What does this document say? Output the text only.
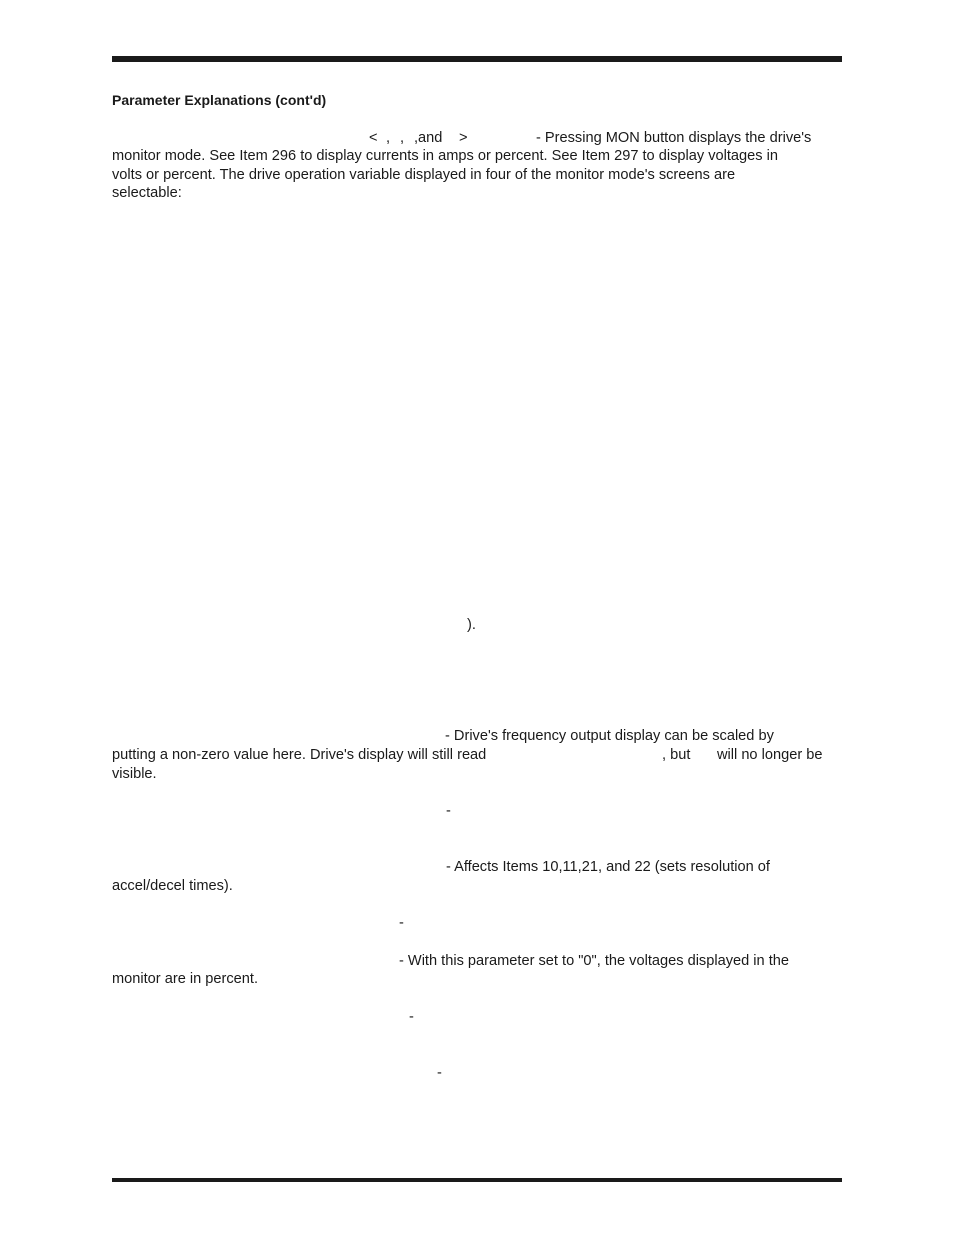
Parameter Explanations (cont'd)
< , , ,and >	- Pressing MON button displays the drive's
monitor mode. See Item 296 to display currents in amps or percent. See Item 297 to display voltages in
volts or percent. The drive operation variable displayed in four of the monitor mode's screens are
selectable:
).
- Drive's frequency output display can be scaled by
putting a non-zero value here. Drive's display will still read	, but will no longer be
visible.
-
- Affects Items 10,11,21, and 22 (sets resolution of
accel/decel times).
-
- With this parameter set to "0", the voltages displayed in the
monitor are in percent.
-
-
